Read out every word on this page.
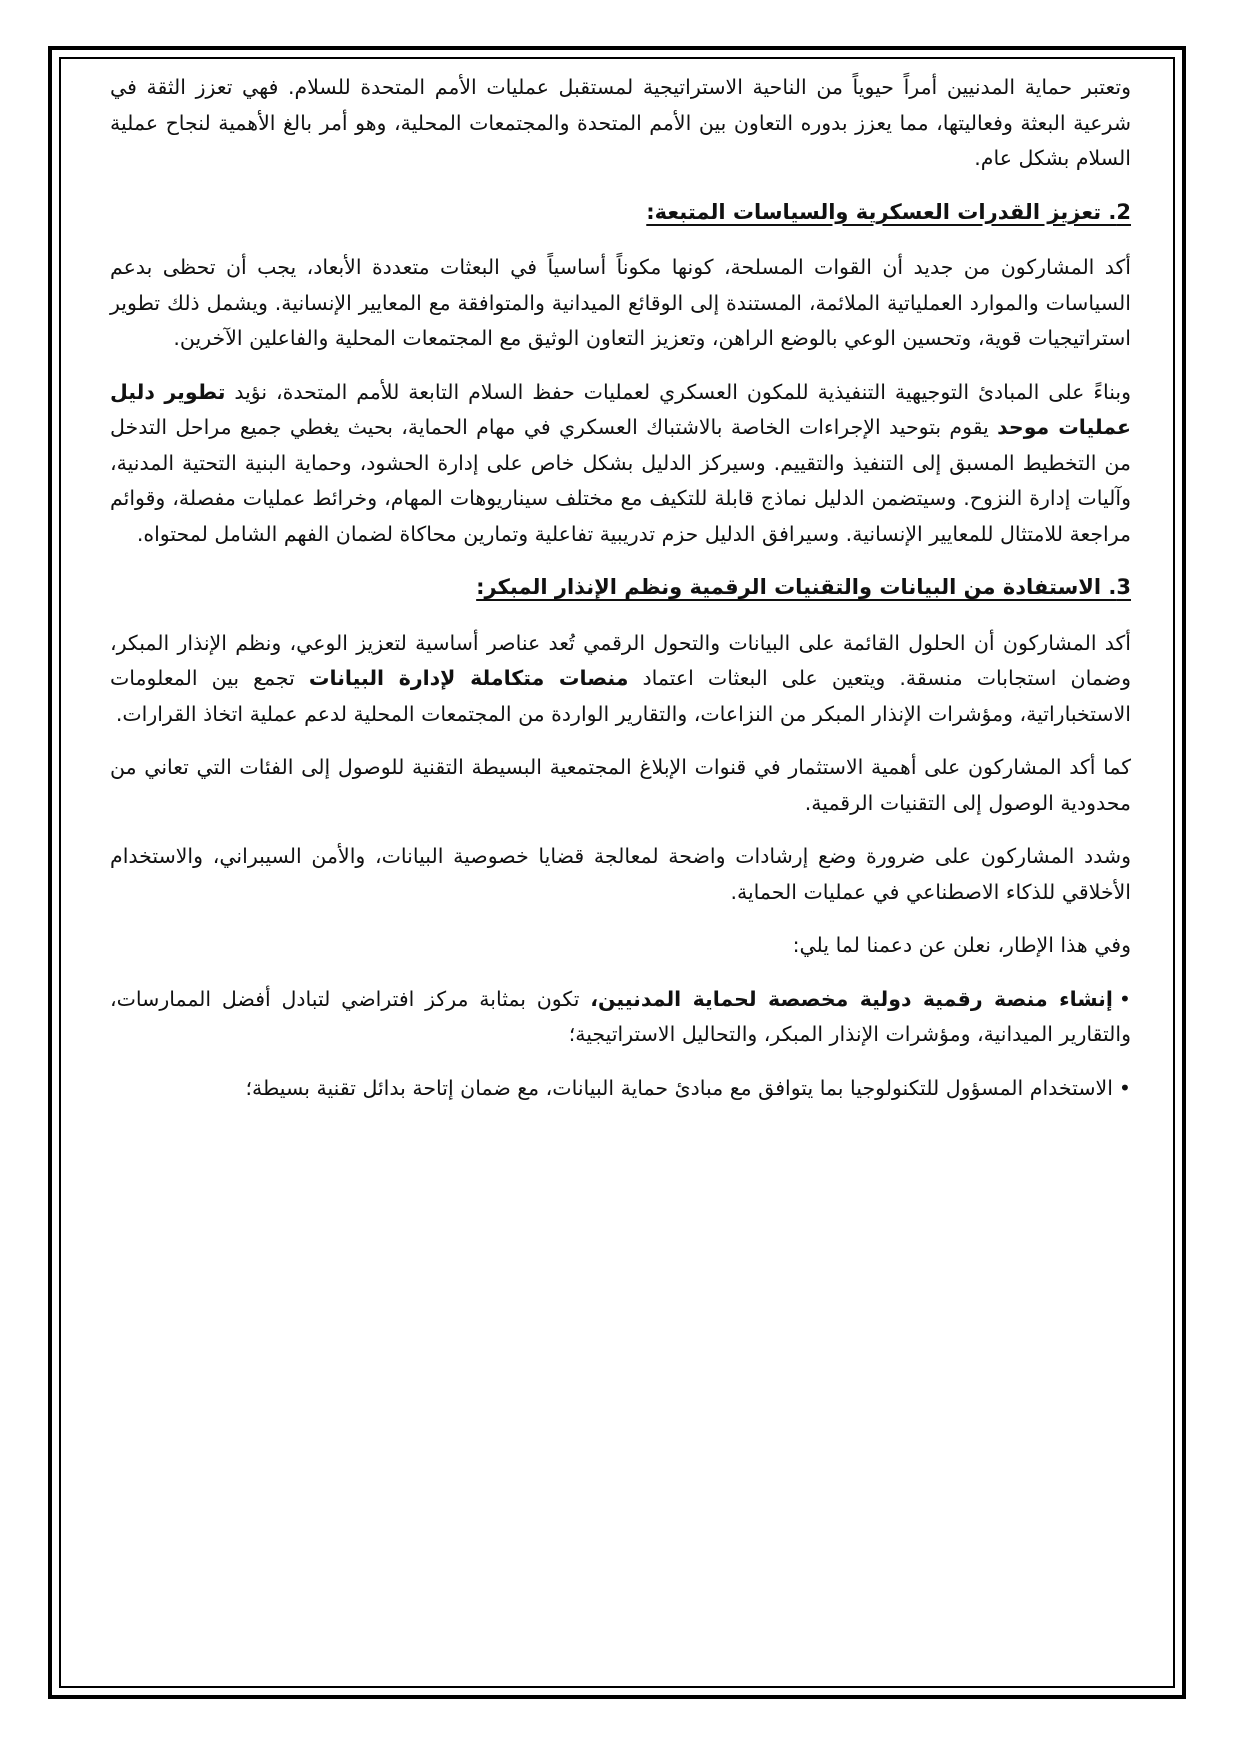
وتعتبر حماية المدنيين أمراً حيوياً من الناحية الاستراتيجية لمستقبل عمليات الأمم المتحدة للسلام. فهي تعزز الثقة في شرعية البعثة وفعاليتها، مما يعزز بدوره التعاون بين الأمم المتحدة والمجتمعات المحلية، وهو أمر بالغ الأهمية لنجاح عملية السلام بشكل عام.

2. تعزيز القدرات العسكرية والسياسات المتبعة:

أكد المشاركون من جديد أن القوات المسلحة، كونها مكوناً أساسياً في البعثات متعددة الأبعاد، يجب أن تحظى بدعم السياسات والموارد العملياتية الملائمة، المستندة إلى الوقائع الميدانية والمتوافقة مع المعايير الإنسانية. ويشمل ذلك تطوير استراتيجيات قوية، وتحسين الوعي بالوضع الراهن، وتعزيز التعاون الوثيق مع المجتمعات المحلية والفاعلين الآخرين.

وبناءً على المبادئ التوجيهية التنفيذية للمكون العسكري لعمليات حفظ السلام التابعة للأمم المتحدة، نؤيد تطوير دليل عمليات موحد يقوم بتوحيد الإجراءات الخاصة بالاشتباك العسكري في مهام الحماية، بحيث يغطي جميع مراحل التدخل من التخطيط المسبق إلى التنفيذ والتقييم. وسيركز الدليل بشكل خاص على إدارة الحشود، وحماية البنية التحتية المدنية، وآليات إدارة النزوح. وسيتضمن الدليل نماذج قابلة للتكيف مع مختلف سيناريوهات المهام، وخرائط عمليات مفصلة، وقوائم مراجعة للامتثال للمعايير الإنسانية. وسيرافق الدليل حزم تدريبية تفاعلية وتمارين محاكاة لضمان الفهم الشامل لمحتواه.

3. الاستفادة من البيانات والتقنيات الرقمية ونظم الإنذار المبكر:

أكد المشاركون أن الحلول القائمة على البيانات والتحول الرقمي تُعد عناصر أساسية لتعزيز الوعي، ونظم الإنذار المبكر، وضمان استجابات منسقة. ويتعين على البعثات اعتماد منصات متكاملة لإدارة البيانات تجمع بين المعلومات الاستخباراتية، ومؤشرات الإنذار المبكر من النزاعات، والتقارير الواردة من المجتمعات المحلية لدعم عملية اتخاذ القرارات.

كما أكد المشاركون على أهمية الاستثمار في قنوات الإبلاغ المجتمعية البسيطة التقنية للوصول إلى الفئات التي تعاني من محدودية الوصول إلى التقنيات الرقمية.

وشدد المشاركون على ضرورة وضع إرشادات واضحة لمعالجة قضايا خصوصية البيانات، والأمن السيبراني، والاستخدام الأخلاقي للذكاء الاصطناعي في عمليات الحماية.

وفي هذا الإطار، نعلن عن دعمنا لما يلي:

•إنشاء منصة رقمية دولية مخصصة لحماية المدنيين، تكون بمثابة مركز افتراضي لتبادل أفضل الممارسات، والتقارير الميدانية، ومؤشرات الإنذار المبكر، والتحاليل الاستراتيجية؛

•الاستخدام المسؤول للتكنولوجيا بما يتوافق مع مبادئ حماية البيانات، مع ضمان إتاحة بدائل تقنية بسيطة؛
